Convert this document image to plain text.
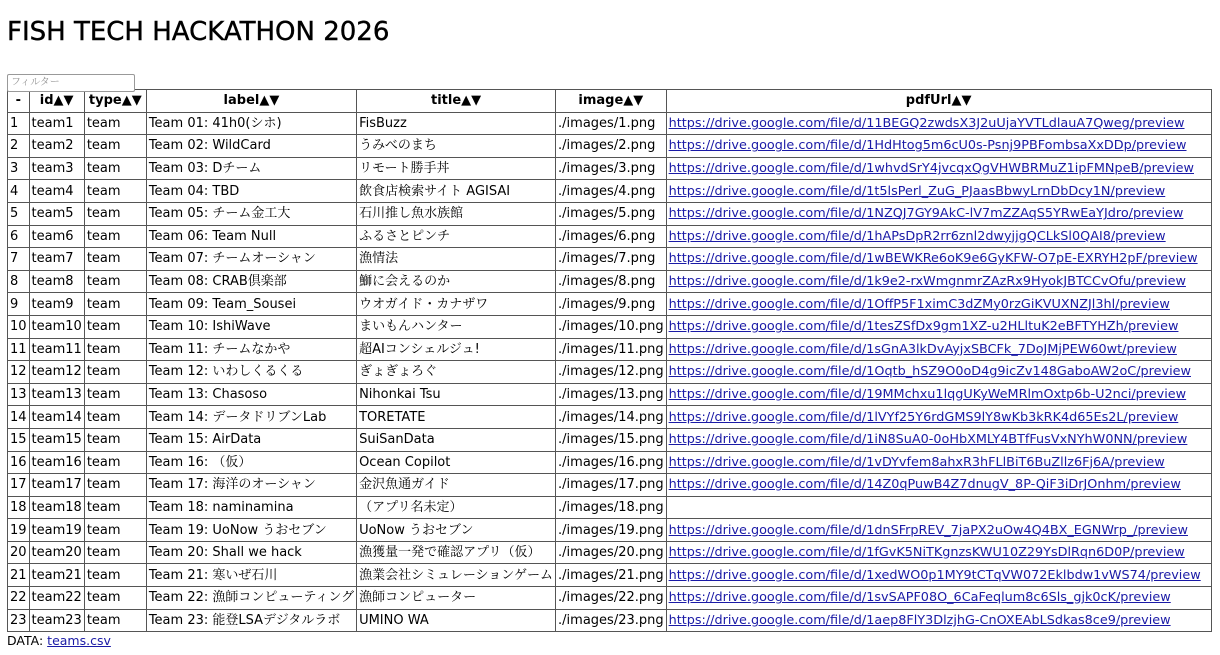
FISH TECH HACKATHON 2026
フィルター
-	id▲▼	type▲▼	label▲▼	title▲▼	image▲▼	pdfUrl▲▼
1	team1	team	Team 01: 41h0(シホ)	FisBuzz	./images/1.png	https://drive.google.com/file/d/11BEGQ2zwdsX3J2uUjaYVTLdlauA7Qweg/preview
2	team2	team	Team 02: WildCard	うみべのまち	./images/2.png	https://drive.google.com/file/d/1HdHtog5m6cU0s-Psnj9PBFombsaXxDDp/preview
3	team3	team	Team 03: Dチーム	リモート勝手丼	./images/3.png	https://drive.google.com/file/d/1whvdSrY4jvcqxQgVHWBRMuZ1ipFMNpeB/preview
4	team4	team	Team 04: TBD	飲食店検索サイト AGISAI	./images/4.png	https://drive.google.com/file/d/1t5lsPerl_ZuG_PJaasBbwyLrnDbDcy1N/preview
5	team5	team	Team 05: チーム金工大	石川推し魚水族館	./images/5.png	https://drive.google.com/file/d/1NZQJ7GY9AkC-lV7mZZAqS5YRwEaYJdro/preview
6	team6	team	Team 06: Team Null	ふるさとピンチ	./images/6.png	https://drive.google.com/file/d/1hAPsDpR2rr6znl2dwyjjgQCLkSl0QAI8/preview
7	team7	team	Team 07: チームオーシャン	漁情法	./images/7.png	https://drive.google.com/file/d/1wBEWKRe6oK9e6GyKFW-O7pE-EXRYH2pF/preview
8	team8	team	Team 08: CRAB倶楽部	鰤に会えるのか	./images/8.png	https://drive.google.com/file/d/1k9e2-rxWmgnmrZAzRx9HyokJBTCCvOfu/preview
9	team9	team	Team 09: Team_Sousei	ウオガイド・カナザワ	./images/9.png	https://drive.google.com/file/d/1OffP5F1ximC3dZMy0rzGiKVUXNZJl3hl/preview
10	team10	team	Team 10: IshiWave	まいもんハンター	./images/10.png	https://drive.google.com/file/d/1tesZSfDx9gm1XZ-u2HLltuK2eBFTYHZh/preview
11	team11	team	Team 11: チームなかや	超AIコンシェルジュ!	./images/11.png	https://drive.google.com/file/d/1sGnA3lkDvAyjxSBCFk_7DoJMjPEW60wt/preview
12	team12	team	Team 12: いわしくるくる	ぎょぎょろぐ	./images/12.png	https://drive.google.com/file/d/1Oqtb_hSZ9O0oD4g9icZv148GaboAW2oC/preview
13	team13	team	Team 13: Chasoso	Nihonkai Tsu	./images/13.png	https://drive.google.com/file/d/19MMchxu1lqgUKyWeMRlmOxtp6b-U2nci/preview
14	team14	team	Team 14: データドリブンLab	TORETATE	./images/14.png	https://drive.google.com/file/d/1lVYf25Y6rdGMS9lY8wKb3kRK4d65Es2L/preview
15	team15	team	Team 15: AirData	SuiSanData	./images/15.png	https://drive.google.com/file/d/1iN8SuA0-0oHbXMLY4BTfFusVxNYhW0NN/preview
16	team16	team	Team 16: （仮）	Ocean Copilot	./images/16.png	https://drive.google.com/file/d/1vDYvfem8ahxR3hFLlBiT6BuZllz6Fj6A/preview
17	team17	team	Team 17: 海洋のオーシャン	金沢魚通ガイド	./images/17.png	https://drive.google.com/file/d/14Z0qPuwB4Z7dnugV_8P-QiF3iDrJOnhm/preview
18	team18	team	Team 18: naminamina	（アプリ名未定）	./images/18.png	
19	team19	team	Team 19: UoNow うおセブン	UoNow うおセブン	./images/19.png	https://drive.google.com/file/d/1dnSFrpREV_7jaPX2uOw4Q4BX_EGNWrp_/preview
20	team20	team	Team 20: Shall we hack	漁獲量一発で確認アプリ（仮）	./images/20.png	https://drive.google.com/file/d/1fGvK5NiTKgnzsKWU10Z29YsDlRqn6D0P/preview
21	team21	team	Team 21: 寒いぜ石川	漁業会社シミュレーションゲーム	./images/21.png	https://drive.google.com/file/d/1xedWO0p1MY9tCTqVW072Eklbdw1vWS74/preview
22	team22	team	Team 22: 漁師コンピューティング	漁師コンピューター	./images/22.png	https://drive.google.com/file/d/1svSAPF08O_6CaFeqlum8c6Sls_gjk0cK/preview
23	team23	team	Team 23: 能登LSAデジタルラボ	UMINO WA	./images/23.png	https://drive.google.com/file/d/1aep8FlY3DlzjhG-CnOXEAbLSdkas8ce9/preview
DATA: teams.csv
